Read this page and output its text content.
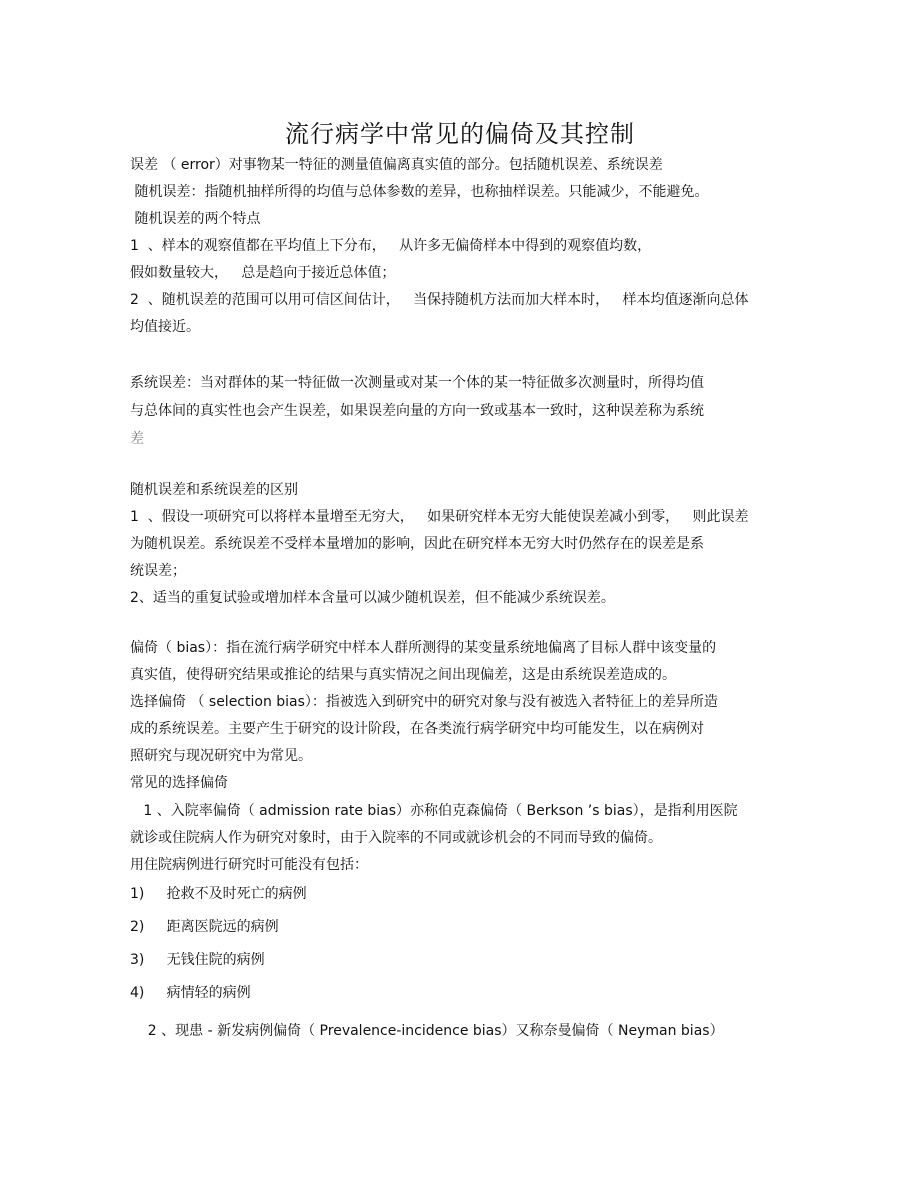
流行病学中常见的偏倚及其控制
误差 （ error）对事物某一特征的测量值偏离真实值的部分。包括随机误差、系统误差
随机误差：指随机抽样所得的均值与总体参数的差异，也称抽样误差。只能减少，不能避免。
随机误差的两个特点
1  、样本的观察值都在平均值上下分布，   从许多无偏倚样本中得到的观察值均数，
假如数量较大，   总是趋向于接近总体值；
2  、随机误差的范围可以用可信区间估计，   当保持随机方法而加大样本时，   样本均值逐渐向总体
均值接近。
系统误差：当对群体的某一特征做一次测量或对某一个体的某一特征做多次测量时，所得均值
与总体间的真实性也会产生误差，如果误差向量的方向一致或基本一致时，这种误差称为系统
差
随机误差和系统误差的区别
1  、假设一项研究可以将样本量增至无穷大，   如果研究样本无穷大能使误差减小到零，   则此误差
为随机误差。系统误差不受样本量增加的影响，因此在研究样本无穷大时仍然存在的误差是系
统误差；
2、适当的重复试验或增加样本含量可以减少随机误差，但不能减少系统误差。
偏倚（ bias）：指在流行病学研究中样本人群所测得的某变量系统地偏离了目标人群中该变量的
真实值，使得研究结果或推论的结果与真实情况之间出现偏差，这是由系统误差造成的。
选择偏倚 （ selection bias）：指被选入到研究中的研究对象与没有被选入者特征上的差异所造
成的系统误差。主要产生于研究的设计阶段，在各类流行病学研究中均可能发生，以在病例对
照研究与现况研究中为常见。
常见的选择偏倚
1 、入院率偏倚（ admission rate bias）亦称伯克森偏倚（ Berkson ’s bias），是指利用医院
就诊或住院病人作为研究对象时，由于入院率的不同或就诊机会的不同而导致的偏倚。
用住院病例进行研究时可能没有包括：
1)     抢救不及时死亡的病例
2)     距离医院远的病例
3)     无钱住院的病例
4)     病情轻的病例
2 、现患 - 新发病例偏倚（ Prevalence-incidence bias）又称奈曼偏倚（ Neyman bias）
